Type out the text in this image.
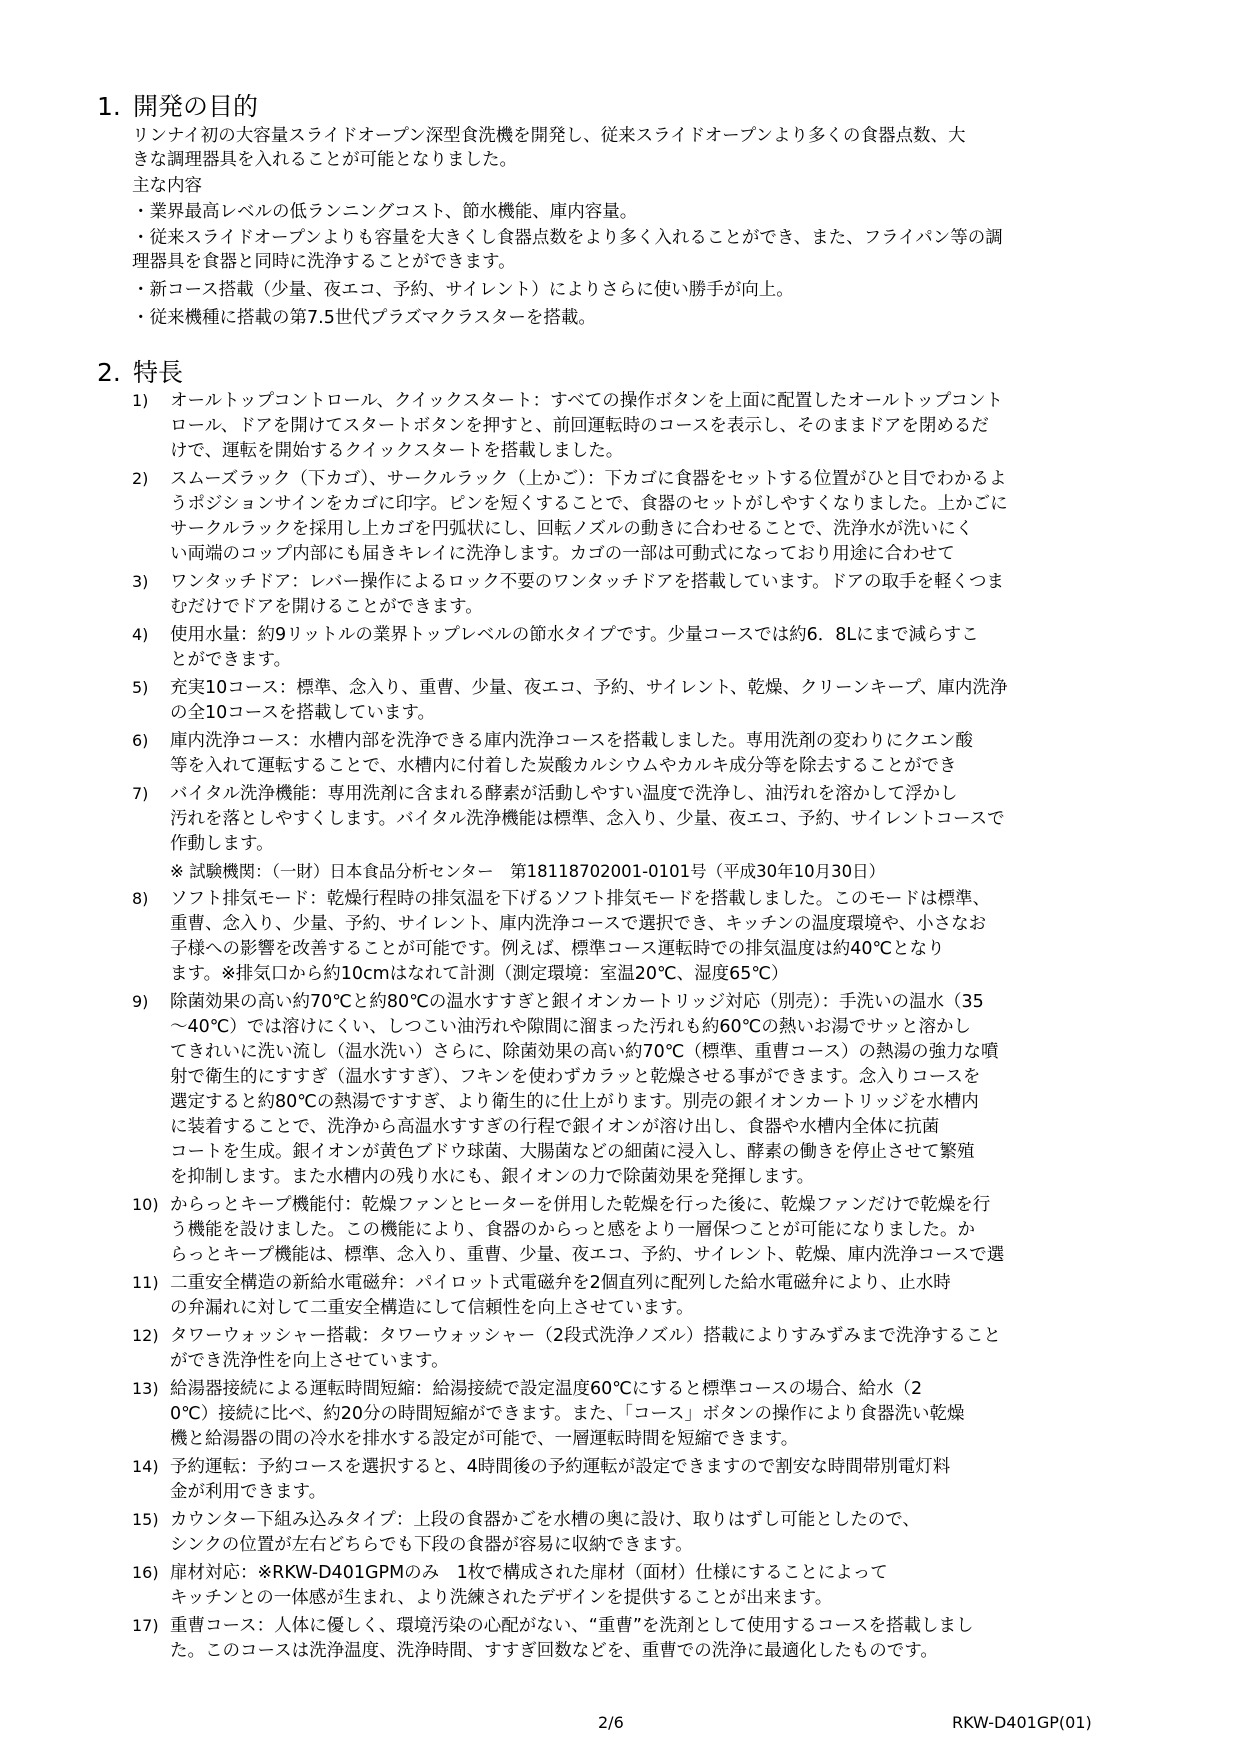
1. 開発の目的
リンナイ初の大容量スライドオープン深型食洗機を開発し、従来スライドオープンより多くの食器点数、大
きな調理器具を入れることが可能となりました。
主な内容
・業界最高レベルの低ランニングコスト、節水機能、庫内容量。
・従来スライドオープンよりも容量を大きくし食器点数をより多く入れることができ、また、フライパン等の調
理器具を食器と同時に洗浄することができます。
・新コース搭載（少量、夜エコ、予約、サイレント）によりさらに使い勝手が向上。
・従来機種に搭載の第7.5世代プラズマクラスターを搭載。
2. 特長
1) オールトップコントロール、クイックスタート：すべての操作ボタンを上面に配置したオールトップコント
ロール、ドアを開けてスタートボタンを押すと、前回運転時のコースを表示し、そのままドアを閉めるだ
けで、運転を開始するクイックスタートを搭載しました。
2) スムーズラック（下カゴ）、サークルラック（上かご）：下カゴに食器をセットする位置がひと目でわかるよ
うポジションサインをカゴに印字。ピンを短くすることで、食器のセットがしやすくなりました。上かごに
サークルラックを採用し上カゴを円弧状にし、回転ノズルの動きに合わせることで、洗浄水が洗いにく
い両端のコップ内部にも届きキレイに洗浄します。カゴの一部は可動式になっており用途に合わせて
3) ワンタッチドア：レバー操作によるロック不要のワンタッチドアを搭載しています。ドアの取手を軽くつま
むだけでドアを開けることができます。
4) 使用水量：約9リットルの業界トップレベルの節水タイプです。少量コースでは約6．8Lにまで減らすこ
とができます。
5) 充実10コース：標準、念入り、重曹、少量、夜エコ、予約、サイレント、乾燥、クリーンキープ、庫内洗浄
の全10コースを搭載しています。
6) 庫内洗浄コース：水槽内部を洗浄できる庫内洗浄コースを搭載しました。専用洗剤の変わりにクエン酸
等を入れて運転することで、水槽内に付着した炭酸カルシウムやカルキ成分等を除去することができ
7) バイタル洗浄機能：専用洗剤に含まれる酵素が活動しやすい温度で洗浄し、油汚れを溶かして浮かし
汚れを落としやすくします。バイタル洗浄機能は標準、念入り、少量、夜エコ、予約、サイレントコースで
作動します。
※ 試験機関：（一財）日本食品分析センター　第18118702001-0101号（平成30年10月30日）
8) ソフト排気モード：乾燥行程時の排気温を下げるソフト排気モードを搭載しました。このモードは標準、
重曹、念入り、少量、予約、サイレント、庫内洗浄コースで選択でき、キッチンの温度環境や、小さなお
子様への影響を改善することが可能です。例えば、標準コース運転時での排気温度は約40℃となり
ます。※排気口から約10cmはなれて計測（測定環境：室温20℃、湿度65℃）
9) 除菌効果の高い約70℃と約80℃の温水すすぎと銀イオンカートリッジ対応（別売）：手洗いの温水（35
～40℃）では溶けにくい、しつこい油汚れや隙間に溜まった汚れも約60℃の熱いお湯でサッと溶かし
てきれいに洗い流し（温水洗い）さらに、除菌効果の高い約70℃（標準、重曹コース）の熱湯の強力な噴
射で衛生的にすすぎ（温水すすぎ）、フキンを使わずカラッと乾燥させる事ができます。念入りコースを
選定すると約80℃の熱湯ですすぎ、より衛生的に仕上がります。別売の銀イオンカートリッジを水槽内
に装着することで、洗浄から高温水すすぎの行程で銀イオンが溶け出し、食器や水槽内全体に抗菌
コートを生成。銀イオンが黄色ブドウ球菌、大腸菌などの細菌に浸入し、酵素の働きを停止させて繁殖
を抑制します。また水槽内の残り水にも、銀イオンの力で除菌効果を発揮します。
10) からっとキープ機能付：乾燥ファンとヒーターを併用した乾燥を行った後に、乾燥ファンだけで乾燥を行
う機能を設けました。この機能により、食器のからっと感をより一層保つことが可能になりました。か
らっとキープ機能は、標準、念入り、重曹、少量、夜エコ、予約、サイレント、乾燥、庫内洗浄コースで選
11) 二重安全構造の新給水電磁弁：パイロット式電磁弁を2個直列に配列した給水電磁弁により、止水時
の弁漏れに対して二重安全構造にして信頼性を向上させています。
12) タワーウォッシャー搭載：タワーウォッシャー（2段式洗浄ノズル）搭載によりすみずみまで洗浄すること
ができ洗浄性を向上させています。
13) 給湯器接続による運転時間短縮：給湯接続で設定温度60℃にすると標準コースの場合、給水（2
0℃）接続に比べ、約20分の時間短縮ができます。また、「コース」ボタンの操作により食器洗い乾燥
機と給湯器の間の冷水を排水する設定が可能で、一層運転時間を短縮できます。
14) 予約運転：予約コースを選択すると、4時間後の予約運転が設定できますので割安な時間帯別電灯料
金が利用できます。
15) カウンター下組み込みタイプ：上段の食器かごを水槽の奥に設け、取りはずし可能としたので、
シンクの位置が左右どちらでも下段の食器が容易に収納できます。
16) 扉材対応：※RKW-D401GPMのみ　1枚で構成された扉材（面材）仕様にすることによって
キッチンとの一体感が生まれ、より洗練されたデザインを提供することが出来ます。
17) 重曹コース：人体に優しく、環境汚染の心配がない、“重曹”を洗剤として使用するコースを搭載しまし
た。このコースは洗浄温度、洗浄時間、すすぎ回数などを、重曹での洗浄に最適化したものです。
2/6	RKW-D401GP(01)
